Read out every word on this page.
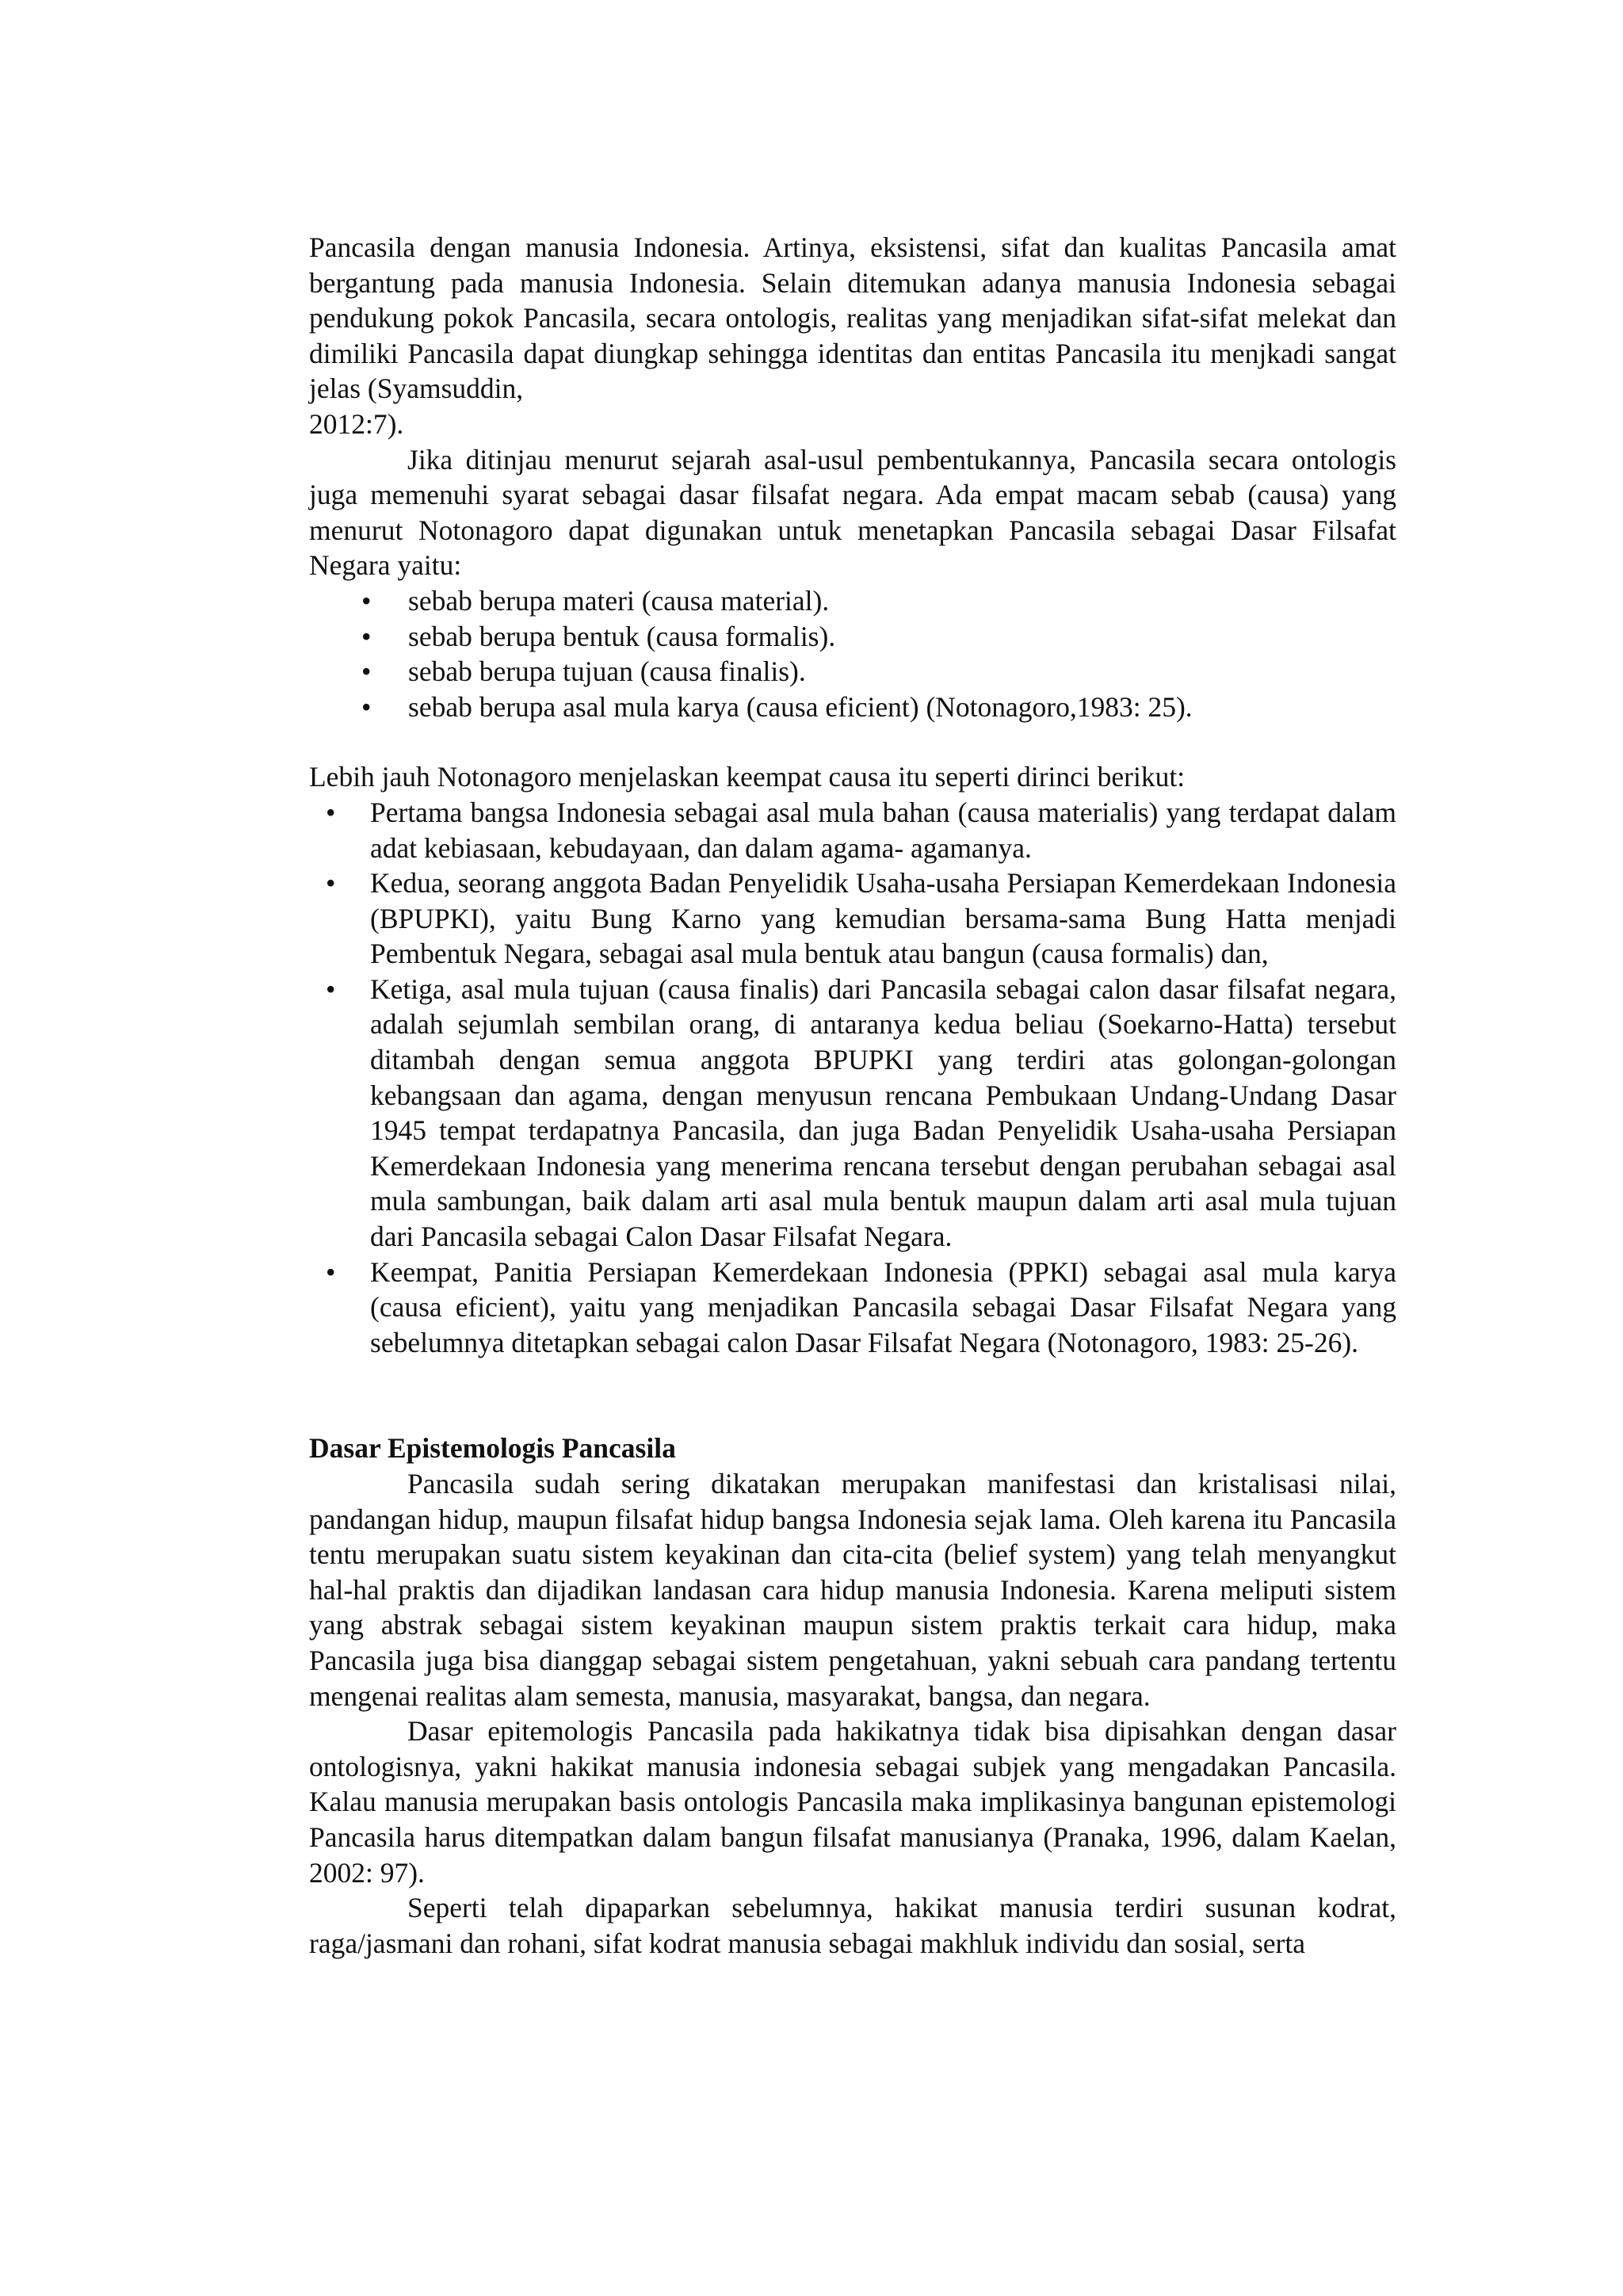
Pancasila dengan manusia Indonesia. Artinya, eksistensi, sifat dan kualitas Pancasila amat bergantung pada manusia Indonesia. Selain ditemukan adanya manusia Indonesia sebagai pendukung pokok Pancasila, secara ontologis, realitas yang menjadikan sifat-sifat melekat dan dimiliki Pancasila dapat diungkap sehingga identitas dan entitas Pancasila itu menjkadi sangat jelas (Syamsuddin,

2012:7).

Jika ditinjau menurut sejarah asal-usul pembentukannya, Pancasila secara ontologis juga memenuhi syarat sebagai dasar filsafat negara. Ada empat macam sebab (causa) yang menurut Notonagoro dapat digunakan untuk menetapkan Pancasila sebagai Dasar Filsafat Negara yaitu:

• sebab berupa materi (causa material).
• sebab berupa bentuk (causa formalis).
• sebab berupa tujuan (causa finalis).
• sebab berupa asal mula karya (causa eficient) (Notonagoro,1983: 25).

Lebih jauh Notonagoro menjelaskan keempat causa itu seperti dirinci berikut:

• Pertama bangsa Indonesia sebagai asal mula bahan (causa materialis) yang terdapat dalam adat kebiasaan, kebudayaan, dan dalam agama- agamanya.
• Kedua, seorang anggota Badan Penyelidik Usaha-usaha Persiapan Kemerdekaan Indonesia (BPUPKI), yaitu Bung Karno yang kemudian bersama-sama Bung Hatta menjadi Pembentuk Negara, sebagai asal mula bentuk atau bangun (causa formalis) dan,
• Ketiga, asal mula tujuan (causa finalis) dari Pancasila sebagai calon dasar filsafat negara, adalah sejumlah sembilan orang, di antaranya kedua beliau (Soekarno-Hatta) tersebut ditambah dengan semua anggota BPUPKI yang terdiri atas golongan-golongan kebangsaan dan agama, dengan menyusun rencana Pembukaan Undang-Undang Dasar 1945 tempat terdapatnya Pancasila, dan juga Badan Penyelidik Usaha-usaha Persiapan Kemerdekaan Indonesia yang menerima rencana tersebut dengan perubahan sebagai asal mula sambungan, baik dalam arti asal mula bentuk maupun dalam arti asal mula tujuan dari Pancasila sebagai Calon Dasar Filsafat Negara.
• Keempat, Panitia Persiapan Kemerdekaan Indonesia (PPKI) sebagai asal mula karya (causa eficient), yaitu yang menjadikan Pancasila sebagai Dasar Filsafat Negara yang sebelumnya ditetapkan sebagai calon Dasar Filsafat Negara (Notonagoro, 1983: 25-26).
Dasar Epistemologis Pancasila

Pancasila sudah sering dikatakan merupakan manifestasi dan kristalisasi nilai, pandangan hidup, maupun filsafat hidup bangsa Indonesia sejak lama. Oleh karena itu Pancasila tentu merupakan suatu sistem keyakinan dan cita-cita (belief system) yang telah menyangkut hal-hal praktis dan dijadikan landasan cara hidup manusia Indonesia. Karena meliputi sistem yang abstrak sebagai sistem keyakinan maupun sistem praktis terkait cara hidup, maka Pancasila juga bisa dianggap sebagai sistem pengetahuan, yakni sebuah cara pandang tertentu mengenai realitas alam semesta, manusia, masyarakat, bangsa, dan negara.

Dasar epitemologis Pancasila pada hakikatnya tidak bisa dipisahkan dengan dasar ontologisnya, yakni hakikat manusia indonesia sebagai subjek yang mengadakan Pancasila. Kalau manusia merupakan basis ontologis Pancasila maka implikasinya bangunan epistemologi Pancasila harus ditempatkan dalam bangun filsafat manusianya (Pranaka, 1996, dalam Kaelan, 2002: 97).

Seperti telah dipaparkan sebelumnya, hakikat manusia terdiri susunan kodrat, raga/jasmani dan rohani, sifat kodrat manusia sebagai makhluk individu dan sosial, serta
